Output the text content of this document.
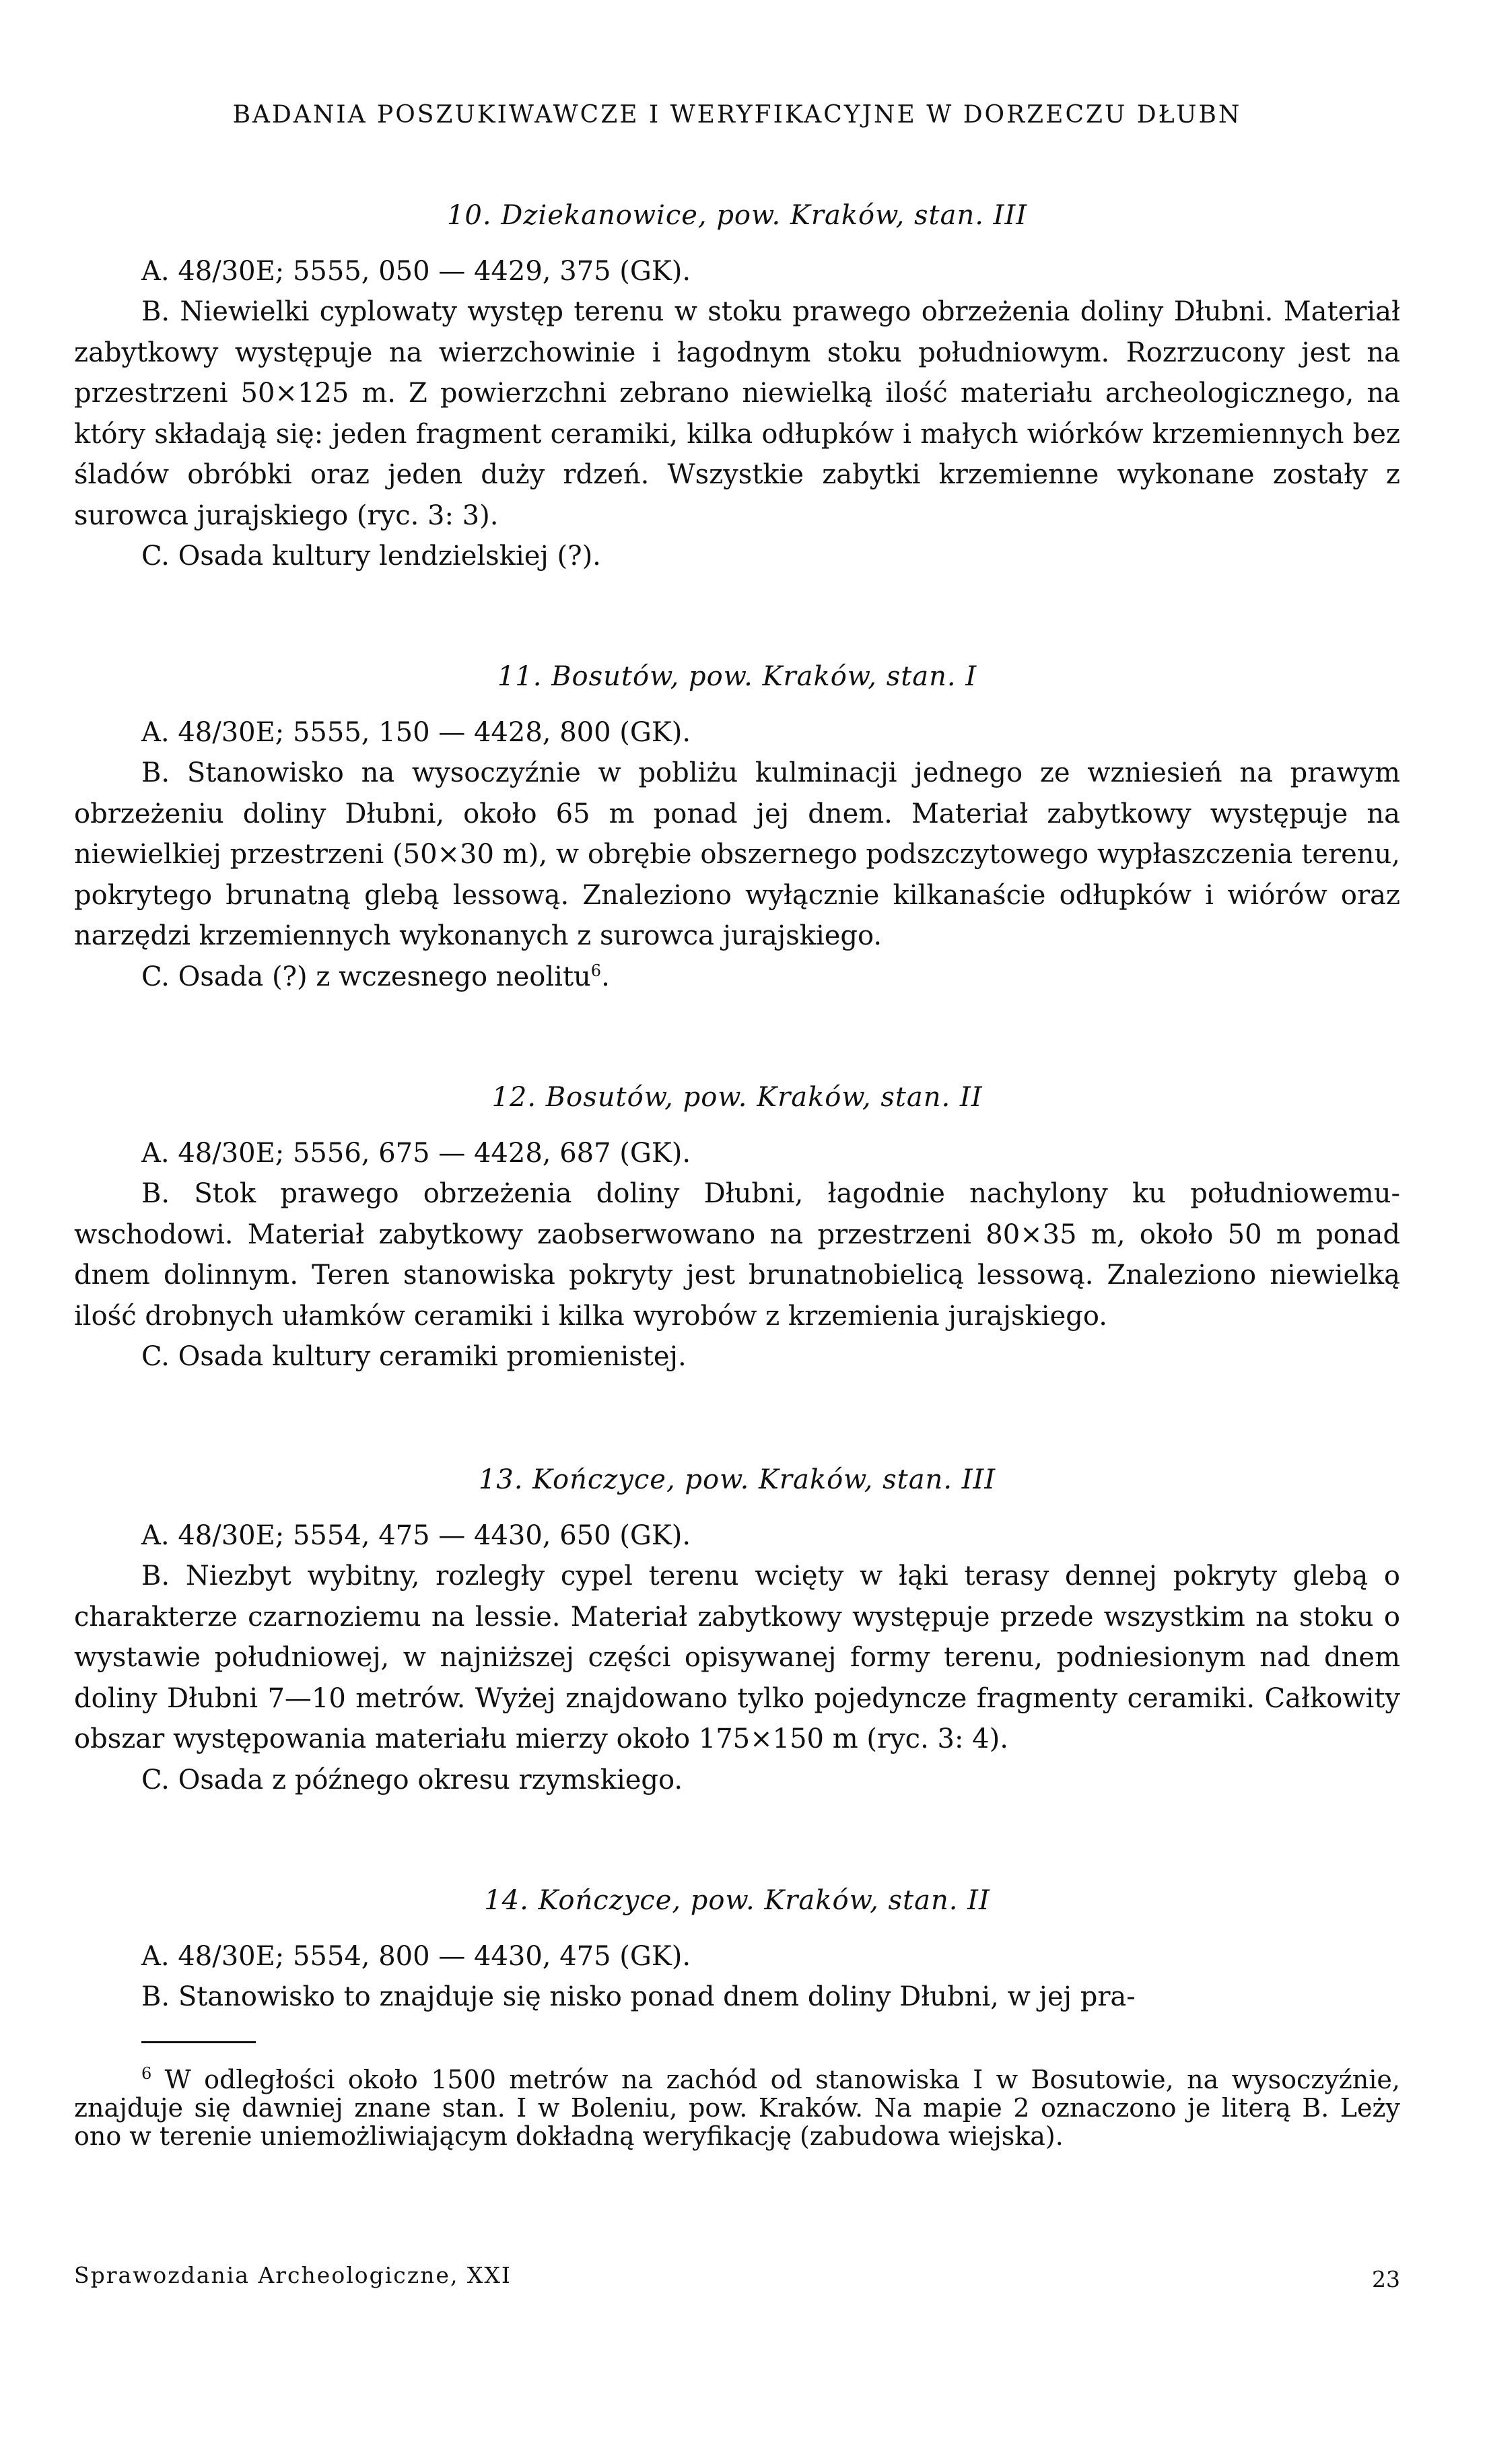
BADANIA POSZUKIWAWCZE I WERYFIKACYJNE W DORZECZU DŁUBN
10. Dziekanowice, pow. Kraków, stan. III

A. 48/30E; 5555, 050 — 4429, 375 (GK).

B. Niewielki cyplowaty występ terenu w stoku prawego obrzeżenia doliny Dłubni. Materiał zabytkowy występuje na wierzchowinie i łagodnym stoku południowym. Rozrzucony jest na przestrzeni 50×125 m. Z powierzchni zebrano niewielką ilość materiału archeologicznego, na który składają się: jeden fragment ceramiki, kilka odłupków i małych wiórków krzemiennych bez śladów obróbki oraz jeden duży rdzeń. Wszystkie zabytki krzemienne wykonane zostały z surowca jurajskiego (ryc. 3: 3).

C. Osada kultury lendzielskiej (?).

11. Bosutów, pow. Kraków, stan. I

A. 48/30E; 5555, 150 — 4428, 800 (GK).

B. Stanowisko na wysoczyźnie w pobliżu kulminacji jednego ze wzniesień na prawym obrzeżeniu doliny Dłubni, około 65 m ponad jej dnem. Materiał zabytkowy występuje na niewielkiej przestrzeni (50×30 m), w obrębie obszernego podszczytowego wypłaszczenia terenu, pokrytego brunatną glebą lessową. Znaleziono wyłącznie kilkanaście odłupków i wiórów oraz narzędzi krzemiennych wykonanych z surowca jurajskiego.

C. Osada (?) z wczesnego neolitu$^6$.

12. Bosutów, pow. Kraków, stan. II

A. 48/30E; 5556, 675 — 4428, 687 (GK).

B. Stok prawego obrzeżenia doliny Dłubni, łagodnie nachylony ku południowemu-wschodowi. Materiał zabytkowy zaobserwowano na przestrzeni 80×35 m, około 50 m ponad dnem dolinnym. Teren stanowiska pokryty jest brunatnobielicą lessową. Znaleziono niewielką ilość drobnych ułamków ceramiki i kilka wyrobów z krzemienia jurajskiego.

C. Osada kultury ceramiki promienistej.

13. Kończyce, pow. Kraków, stan. III

A. 48/30E; 5554, 475 — 4430, 650 (GK).

B. Niezbyt wybitny, rozległy cypel terenu wcięty w łąki terasy dennej pokryty glebą o charakterze czarnoziemu na lessie. Materiał zabytkowy występuje przede wszystkim na stoku o wystawie południowej, w najniższej części opisywanej formy terenu, podniesionym nad dnem doliny Dłubni 7—10 metrów. Wyżej znajdowano tylko pojedyncze fragmenty ceramiki. Całkowity obszar występowania materiału mierzy około 175×150 m (ryc. 3: 4).

C. Osada z późnego okresu rzymskiego.

14. Kończyce, pow. Kraków, stan. II

A. 48/30E; 5554, 800 — 4430, 475 (GK).

B. Stanowisko to znajduje się nisko ponad dnem doliny Dłubni, w jej pra-

$^6$ W odległości około 1500 metrów na zachód od stanowiska I w Bosutowie, na wysoczyźnie, znajduje się dawniej znane stan. I w Boleniu, pow. Kraków. Na mapie 2 oznaczono je literą B. Leży ono w terenie uniemożliwiającym dokładną weryfikację (zabudowa wiejska).

Sprawozdania Archeologiczne, XXI	23
